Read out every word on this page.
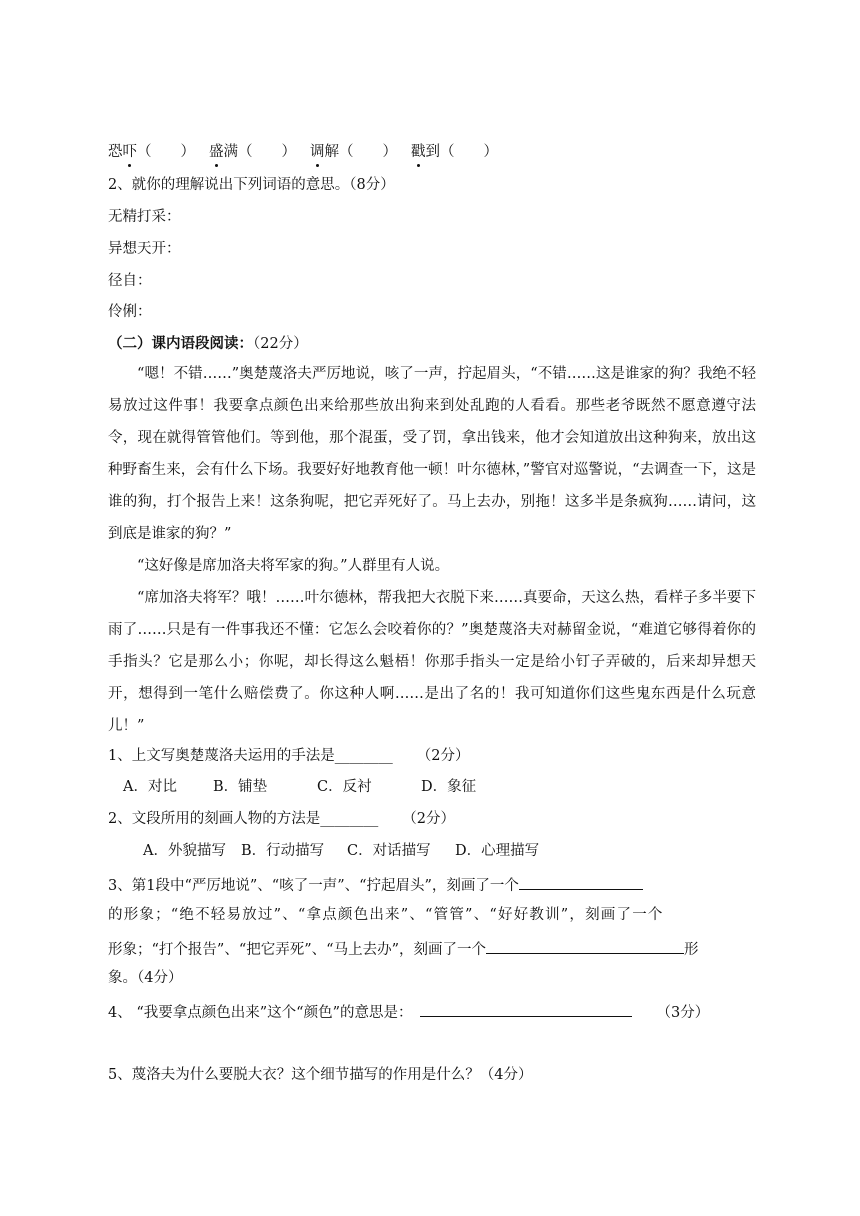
恐吓（　　） 盛满（　　） 调解（　　） 戳到（　　）
2、就你的理解说出下列词语的意思。（8分）
无精打采：
异想天开：
径自：
伶俐：
（二）课内语段阅读：（22分）
“嗯！不错……”奥楚蔑洛夫严厉地说，咳了一声，拧起眉头，“不错……这是谁家的狗？我绝不轻易放过这件事！我要拿点颜色出来给那些放出狗来到处乱跑的人看看。那些老爷既然不愿意遵守法令，现在就得管管他们。等到他，那个混蛋，受了罚，拿出钱来，他才会知道放出这种狗来，放出这种野畜生来，会有什么下场。我要好好地教育他一顿！叶尔德林，”警官对巡警说，“去调查一下，这是谁的狗，打个报告上来！这条狗呢，把它弄死好了。马上去办，别拖！这多半是条疯狗……请问，这到底是谁家的狗？”
“这好像是席加洛夫将军家的狗。”人群里有人说。
“席加洛夫将军？哦！……叶尔德林，帮我把大衣脱下来……真要命，天这么热，看样子多半要下雨了……只是有一件事我还不懂：它怎么会咬着你的？”奥楚蔑洛夫对赫留金说，“难道它够得着你的手指头？它是那么小；你呢，却长得这么魁梧！你那手指头一定是给小钉子弄破的，后来却异想天开，想得到一笔什么赔偿费了。你这种人啊……是出了名的！我可知道你们这些鬼东西是什么玩意儿！”
1、上文写奥楚蔑洛夫运用的手法是________ （2分）
A．对比 B．铺垫	C．反衬	D．象征
2、文段所用的刻画人物的方法是________ （2分）
A．外貌描写 B．行动描写 C．对话描写 D．心理描写
3、第1段中“严厉地说”、“咳了一声”、“拧起眉头”，刻画了一个
的形象；“绝不轻易放过”、“拿点颜色出来”、“管管”、“好好教训”，刻画了一个
形象；“打个报告”、“把它弄死”、“马上去办”，刻画了一个	形
象。（4分）
4、 “我要拿点颜色出来”这个“颜色”的意思是：	（3分）
5、蔑洛夫为什么要脱大衣？这个细节描写的作用是什么？（4分）
